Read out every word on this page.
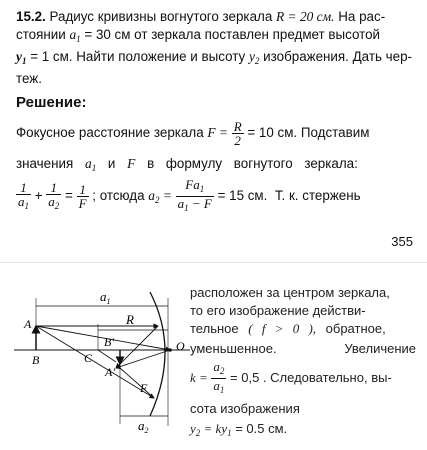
15.2. Радиус кривизны вогнутого зеркала R = 20 см. На рас-
стоянии $a_1 = 30$ см от зеркала поставлен предмет высотой
$y_1 = 1$ см. Найти положение и высоту $y_2$ изображения. Дать чер-
теж.

Решение:

Фокусное расстояние зеркала $F = \frac{R}{2} = 10$ см. Подставим

значения $a_1$ и F в формулу вогнутого зеркала:

$\frac{1}{a_1} + \frac{1}{a_2} = \frac{1}{F}$ ; отсюда $a_2 = \frac{Fa_1}{a_1 - F} = 15$ см. Т. к. стержень
355
$a_1$
R
A
B	C
B'
A'
F
O
$a_2$
расположен за центром зеркала,
то его изображение действи-
тельное ( f > 0 ), обратное,
уменьшенное.	Увеличение
$k = \frac{a_2}{a_1} = 0,5$ . Следовательно, вы-
сота изображения
$y_2 = ky_1 = 0.5$ см.
